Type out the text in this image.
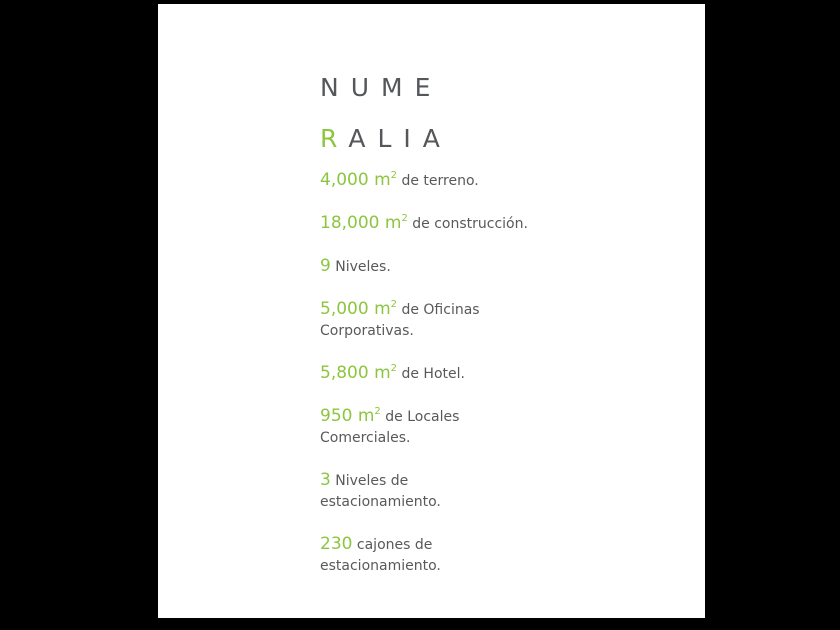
NUME
RALIA
4,000 $m^2$ de terreno.
18,000 $m^2$ de construcción.
9 Niveles.
5,000 $m^2$ de Oficinas
Corporativas.
5,800 $m^2$ de Hotel.
950 $m^2$ de Locales
Comerciales.
3 Niveles de
estacionamiento.
230 cajones de
estacionamiento.
